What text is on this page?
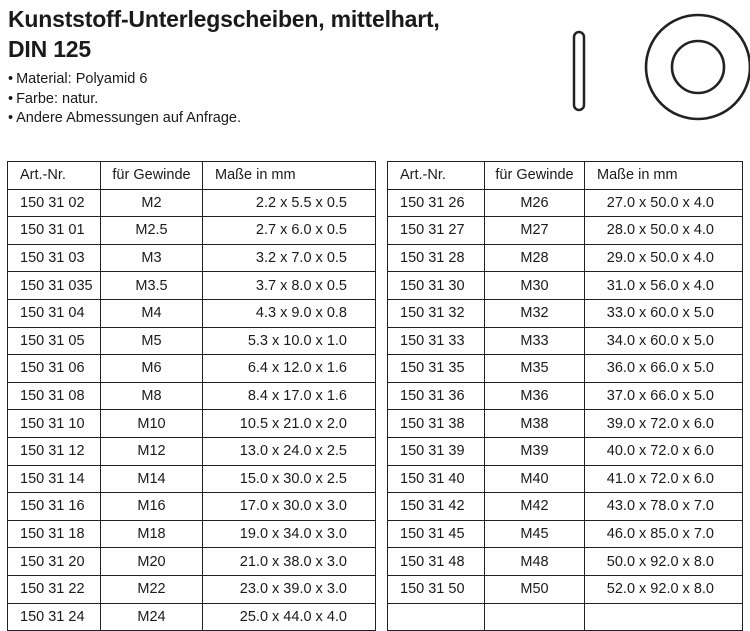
Kunststoff-Unterlegscheiben, mittelhart,
DIN 125
• Material: Polyamid 6
• Farbe: natur.
• Andere Abmessungen auf Anfrage.
Art.-Nr.	für Gewinde	Maße in mm
150 31 02	M2	2.2 x 5.5 x 0.5
150 31 01	M2.5	2.7 x 6.0 x 0.5
150 31 03	M3	3.2 x 7.0 x 0.5
150 31 035	M3.5	3.7 x 8.0 x 0.5
150 31 04	M4	4.3 x 9.0 x 0.8
150 31 05	M5	5.3 x 10.0 x 1.0
150 31 06	M6	6.4 x 12.0 x 1.6
150 31 08	M8	8.4 x 17.0 x 1.6
150 31 10	M10	10.5 x 21.0 x 2.0
150 31 12	M12	13.0 x 24.0 x 2.5
150 31 14	M14	15.0 x 30.0 x 2.5
150 31 16	M16	17.0 x 30.0 x 3.0
150 31 18	M18	19.0 x 34.0 x 3.0
150 31 20	M20	21.0 x 38.0 x 3.0
150 31 22	M22	23.0 x 39.0 x 3.0
150 31 24	M24	25.0 x 44.0 x 4.0
Art.-Nr.	für Gewinde	Maße in mm
150 31 26	M26	27.0 x 50.0 x 4.0
150 31 27	M27	28.0 x 50.0 x 4.0
150 31 28	M28	29.0 x 50.0 x 4.0
150 31 30	M30	31.0 x 56.0 x 4.0
150 31 32	M32	33.0 x 60.0 x 5.0
150 31 33	M33	34.0 x 60.0 x 5.0
150 31 35	M35	36.0 x 66.0 x 5.0
150 31 36	M36	37.0 x 66.0 x 5.0
150 31 38	M38	39.0 x 72.0 x 6.0
150 31 39	M39	40.0 x 72.0 x 6.0
150 31 40	M40	41.0 x 72.0 x 6.0
150 31 42	M42	43.0 x 78.0 x 7.0
150 31 45	M45	46.0 x 85.0 x 7.0
150 31 48	M48	50.0 x 92.0 x 8.0
150 31 50	M50	52.0 x 92.0 x 8.0
